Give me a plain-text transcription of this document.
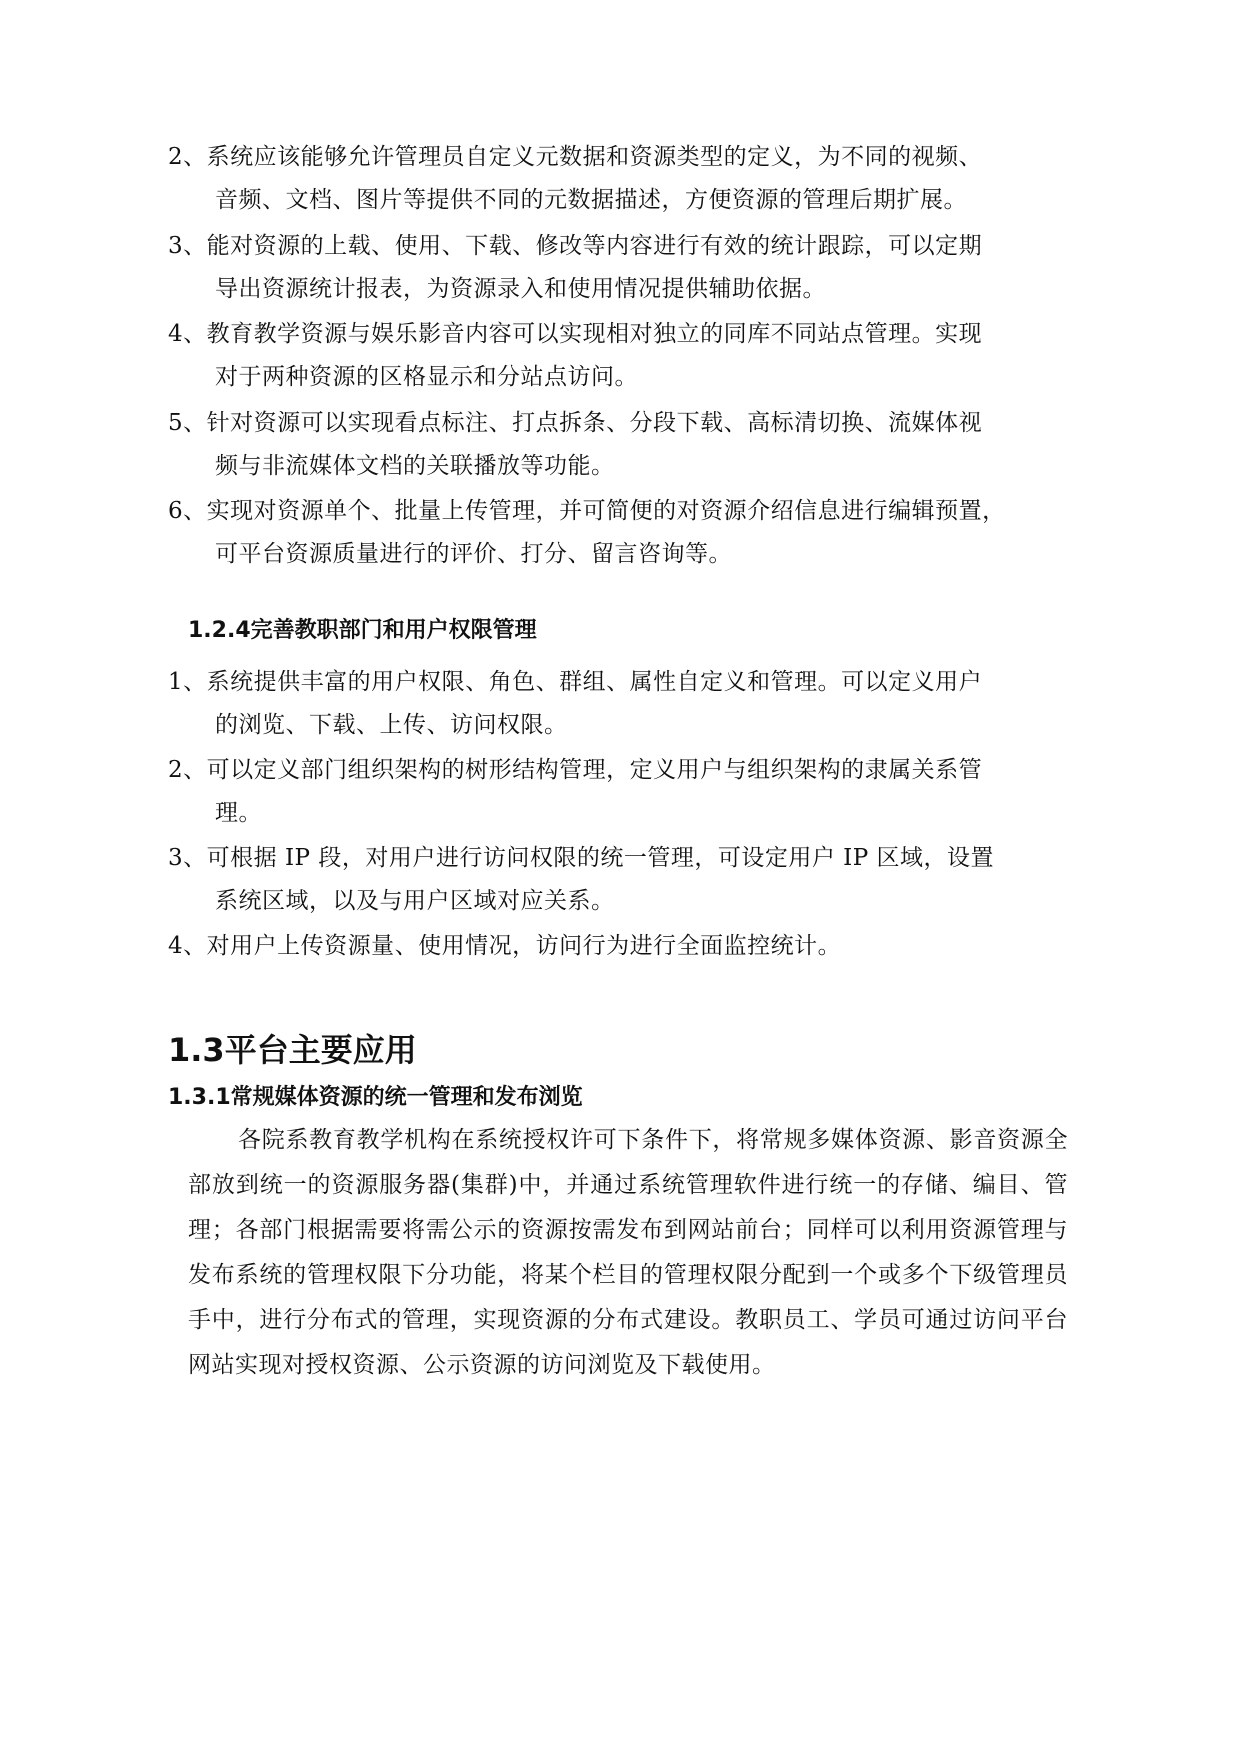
2、系统应该能够允许管理员自定义元数据和资源类型的定义，为不同的视频、
音频、文档、图片等提供不同的元数据描述，方便资源的管理后期扩展。
3、能对资源的上载、使用、下载、修改等内容进行有效的统计跟踪，可以定期
导出资源统计报表，为资源录入和使用情况提供辅助依据。
4、教育教学资源与娱乐影音内容可以实现相对独立的同库不同站点管理。实现
对于两种资源的区格显示和分站点访问。
5、针对资源可以实现看点标注、打点拆条、分段下载、高标清切换、流媒体视
频与非流媒体文档的关联播放等功能。
6、实现对资源单个、批量上传管理，并可简便的对资源介绍信息进行编辑预置，
可平台资源质量进行的评价、打分、留言咨询等。
1.2.4完善教职部门和用户权限管理
1、系统提供丰富的用户权限、角色、群组、属性自定义和管理。可以定义用户
的浏览、下载、上传、访问权限。
2、可以定义部门组织架构的树形结构管理，定义用户与组织架构的隶属关系管
理。
3、可根据 IP 段，对用户进行访问权限的统一管理，可设定用户 IP 区域，设置
系统区域，以及与用户区域对应关系。
4、对用户上传资源量、使用情况，访问行为进行全面监控统计。
1.3平台主要应用
1.3.1常规媒体资源的统一管理和发布浏览
各院系教育教学机构在系统授权许可下条件下，将常规多媒体资源、影音资源全部放到统一的资源服务器(集群)中，并通过系统管理软件进行统一的存储、编目、管理；各部门根据需要将需公示的资源按需发布到网站前台；同样可以利用资源管理与发布系统的管理权限下分功能，将某个栏目的管理权限分配到一个或多个下级管理员手中，进行分布式的管理，实现资源的分布式建设。教职员工、学员可通过访问平台网站实现对授权资源、公示资源的访问浏览及下载使用。
